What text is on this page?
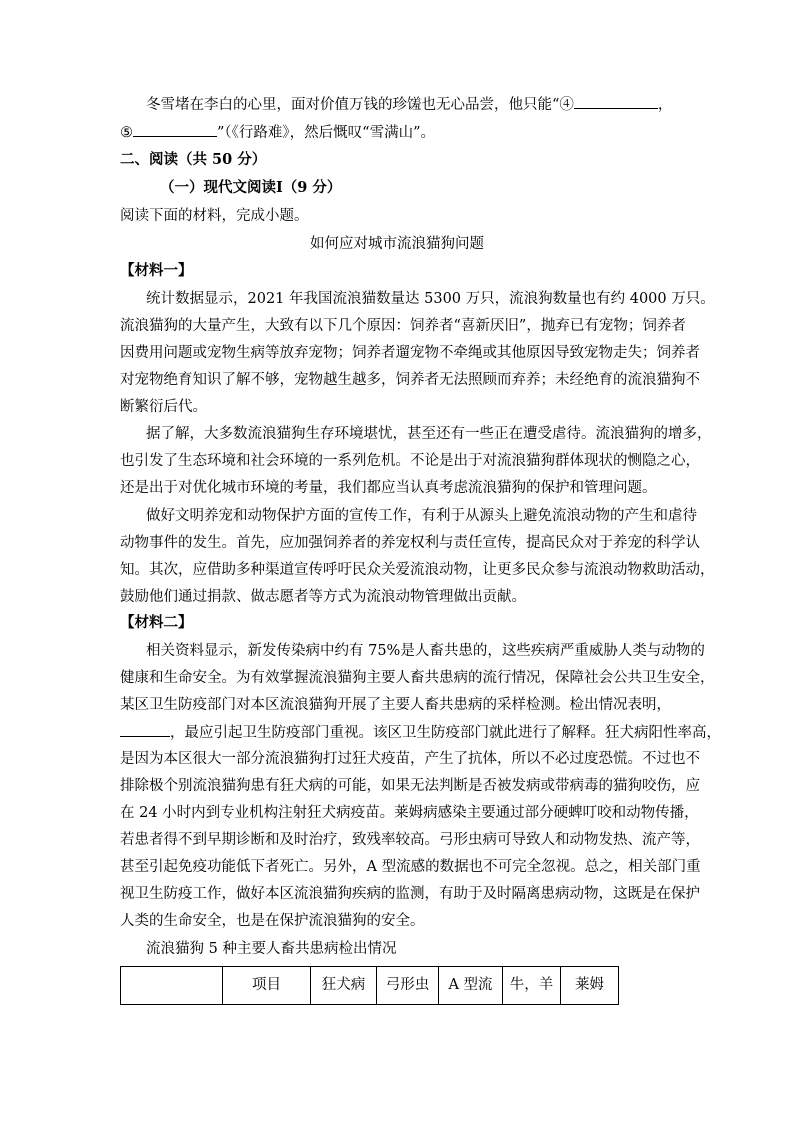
冬雪堵在李白的心里，面对价值万钱的珍馐也无心品尝，他只能“④	，
⑤	”（《行路难》，然后慨叹“雪满山”。
二、阅读（共 50 分）
（一）现代文阅读Ⅰ（9 分）
阅读下面的材料，完成小题。
如何应对城市流浪猫狗问题
【材料一】
统计数据显示，2021 年我国流浪猫数量达 5300 万只，流浪狗数量也有约 4000 万只。
流浪猫狗的大量产生，大致有以下几个原因：饲养者“喜新厌旧”，抛弃已有宠物；饲养者
因费用问题或宠物生病等放弃宠物；饲养者遛宠物不牵绳或其他原因导致宠物走失；饲养者
对宠物绝育知识了解不够，宠物越生越多，饲养者无法照顾而弃养；未经绝育的流浪猫狗不
断繁衍后代。
据了解，大多数流浪猫狗生存环境堪忧，甚至还有一些正在遭受虐待。流浪猫狗的增多，
也引发了生态环境和社会环境的一系列危机。不论是出于对流浪猫狗群体现状的恻隐之心，
还是出于对优化城市环境的考量，我们都应当认真考虑流浪猫狗的保护和管理问题。
做好文明养宠和动物保护方面的宣传工作，有利于从源头上避免流浪动物的产生和虐待
动物事件的发生。首先，应加强饲养者的养宠权利与责任宣传，提高民众对于养宠的科学认
知。其次，应借助多种渠道宣传呼吁民众关爱流浪动物，让更多民众参与流浪动物救助活动，
鼓励他们通过捐款、做志愿者等方式为流浪动物管理做出贡献。
【材料二】
相关资料显示，新发传染病中约有 75%是人畜共患的，这些疾病严重威胁人类与动物的
健康和生命安全。为有效掌握流浪猫狗主要人畜共患病的流行情况，保障社会公共卫生安全，
某区卫生防疫部门对本区流浪猫狗开展了主要人畜共患病的采样检测。检出情况表明，
，最应引起卫生防疫部门重视。该区卫生防疫部门就此进行了解释。狂犬病阳性率高，
是因为本区很大一部分流浪猫狗打过狂犬疫苗，产生了抗体，所以不必过度恐慌。不过也不
排除极个别流浪猫狗患有狂犬病的可能，如果无法判断是否被发病或带病毒的猫狗咬伤，应
在 24 小时内到专业机构注射狂犬病疫苗。莱姆病感染主要通过部分硬蜱叮咬和动物传播，
若患者得不到早期诊断和及时治疗，致残率较高。弓形虫病可导致人和动物发热、流产等，
甚至引起免疫功能低下者死亡。另外，A 型流感的数据也不可完全忽视。总之，相关部门重
视卫生防疫工作，做好本区流浪猫狗疾病的监测，有助于及时隔离患病动物，这既是在保护
人类的生命安全，也是在保护流浪猫狗的安全。
流浪猫狗 5 种主要人畜共患病检出情况
	项目	狂犬病	弓形虫	A 型流	牛，羊	莱姆
